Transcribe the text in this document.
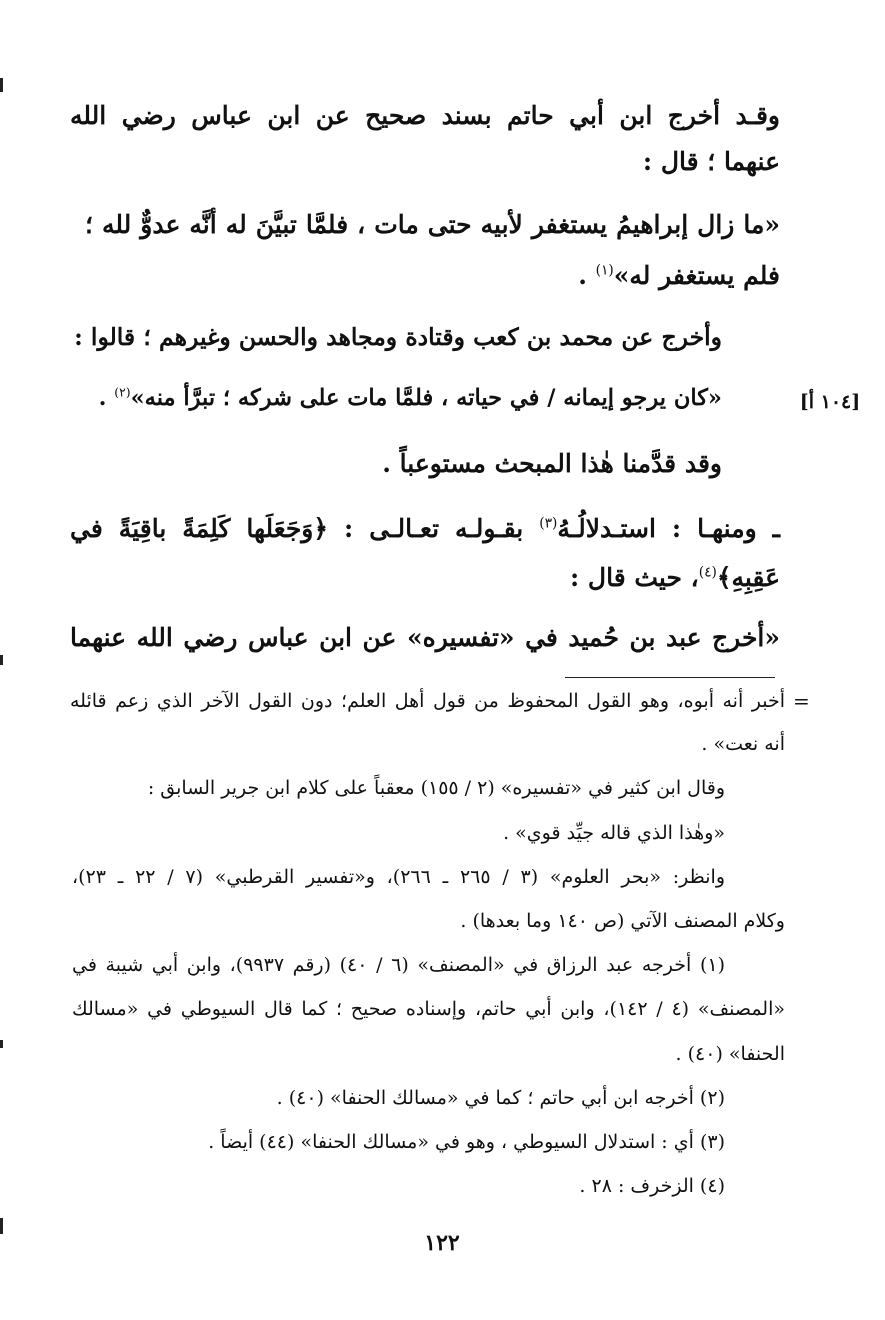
وقـد أخرج ابن أبي حاتم بسند صحيح عن ابن عباس رضي الله
عنهما ؛ قال :
«ما زال إبراهيمُ يستغفر لأبيه حتى مات ، فلمَّا تبيَّنَ له أنَّه عدوٌّ لله ؛
فلم يستغفر له»$^{(١)}$ .
وأخرج عن محمد بن كعب وقتادة ومجاهد والحسن وغيرهم ؛ قالوا :
«كان يرجو إيمانه / في حياته ، فلمَّا مات على شركه ؛ تبرَّأ منه»$^{(٢)}$ .
وقد قدَّمنا هٰذا المبحث مستوعباً .
ـ ومنهـا : استـدلالُـهُ$^{(٣)}$ بقـولـه تعـالـى : ﴿وَجَعَلَها كَلِمَةً باقِيَةً في
عَقِبِهِ﴾$^{(٤)}$، حيث قال :
«أخرج عبد بن حُميد في «تفسيره» عن ابن عباس رضي الله عنهما
[١٠٤ أ]
=
أخبر أنه أبوه، وهو القول المحفوظ من قول أهل العلم؛ دون القول الآخر الذي زعم قائله
أنه نعت» .
وقال ابن كثير في «تفسيره» (٢ / ١٥٥) معقباً على كلام ابن جرير السابق :
«وهٰذا الذي قاله جيِّد قوي» .
وانظر: «بحر العلوم» (٣ / ٢٦٥ ـ ٢٦٦)، و«تفسير القرطبي» (٧ / ٢٢ ـ ٢٣)،
وكلام المصنف الآتي (ص ١٤٠ وما بعدها) .
(١) أخرجه عبد الرزاق في «المصنف» (٦ / ٤٠) (رقم ٩٩٣٧)، وابن أبي شيبة في
«المصنف» (٤ / ١٤٢)، وابن أبي حاتم، وإسناده صحيح ؛ كما قال السيوطي في «مسالك
الحنفا» (٤٠) .
(٢) أخرجه ابن أبي حاتم ؛ كما في «مسالك الحنفا» (٤٠) .
(٣) أي : استدلال السيوطي ، وهو في «مسالك الحنفا» (٤٤) أيضاً .
(٤) الزخرف : ٢٨ .
١٢٢
